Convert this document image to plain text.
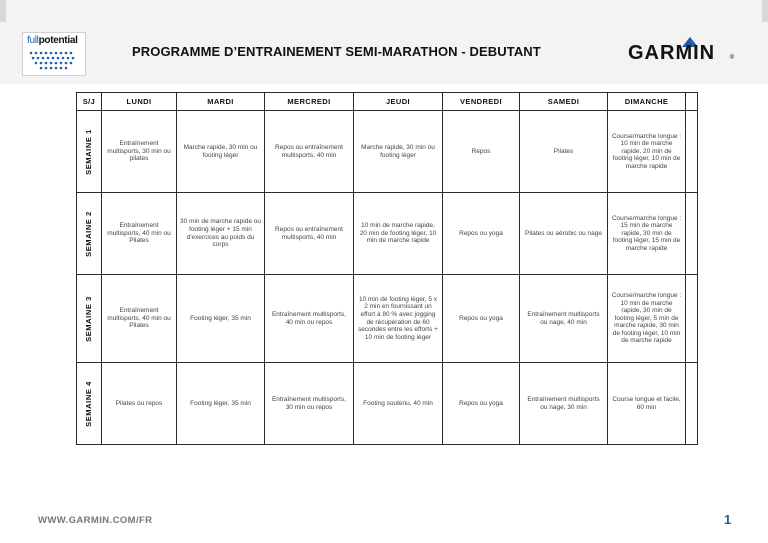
fullpotential
PROGRAMME D’ENTRAINEMENT SEMI-MARATHON - DEBUTANT	GARMIN ®
S/J	LUNDI	MARDI	MERCREDI	JEUDI	VENDREDI	SAMEDI	DIMANCHE	

SEMAINE 1	Entraînement multisports, 30 min ou pilates	Marche rapide, 30 min ou footing léger	Repos ou entraînement multisports, 40 min	Marche rapide, 30 min ou footing léger	Repos	Pilates	Course/marche longue : 10 min de marche rapide, 20 min de footing léger, 10 min de marche rapide	

SEMAINE 2	Entraînement multisports, 40 min ou Pilates	30 min de marche rapide ou footing léger + 15 min d'exercices au poids du corps	Repos ou entraînement multisports, 40 min	10 min de marche rapide, 20 min de footing léger, 10 min de marche rapide	Repos ou yoga	Pilates ou aérobic ou nage	Course/marche longue : 15 min de marche rapide, 30 min de footing léger, 15 min de marche rapide	

SEMAINE 3	Entraînement multisports, 40 min ou Pilates	Footing léger, 35 min	Entraînement multisports, 40 min ou repos	10 min de footing léger, 5 x 2 min en fournissant un effort à 80 % avec jogging de récupération de 60 secondes entre les efforts + 10 min de footing léger	Repos ou yoga	Entraînement multisports ou nage, 40 min	Course/marche longue : 10 min de marche rapide, 30 min de footing léger, 5 min de marche rapide, 30 min de footing léger, 10 min de marche rapide	

SEMAINE 4	Pilates ou repos	Footing léger, 35 min	Entraînement multisports, 30 min ou repos	Footing soutenu, 40 min	Repos ou yoga	Entraînement multisports ou nage, 30 min	Course longue et facile, 60 min	
WWW.GARMIN.COM/FR	1
